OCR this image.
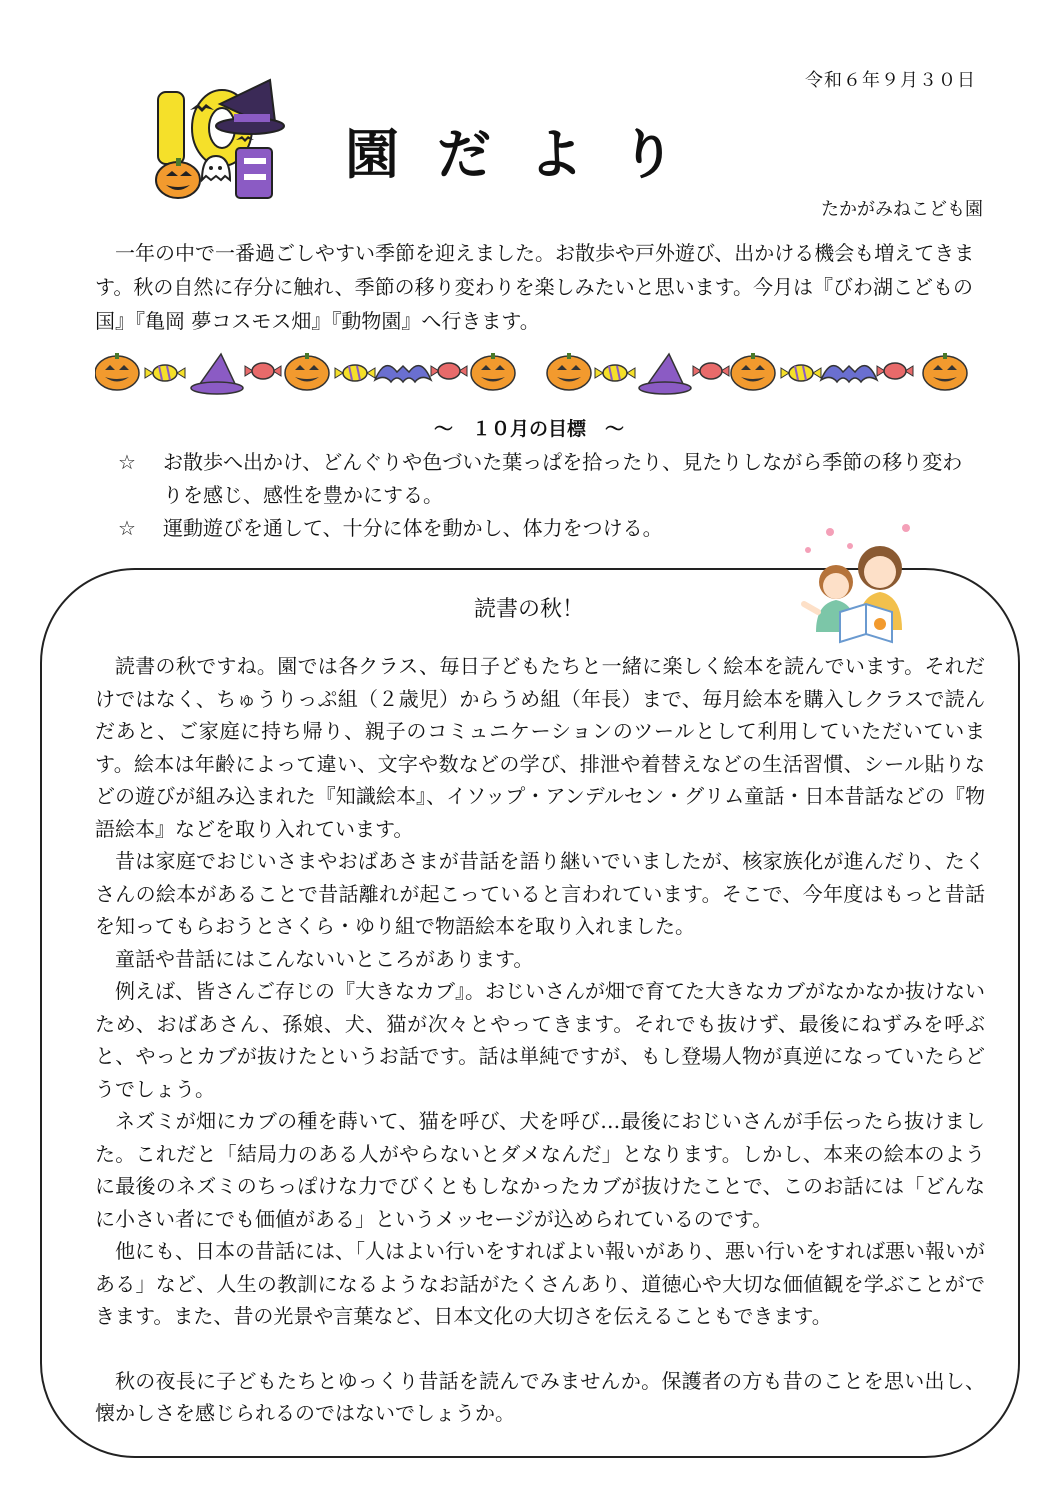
令和６年９月３０日
園だより
たかがみねこども園

一年の中で一番過ごしやすい季節を迎えました。お散歩や戸外遊び、出かける機会も増えてきます。秋の自然に存分に触れ、季節の移り変わりを楽しみたいと思います。今月は『びわ湖こどもの国』『亀岡 夢コスモス畑』『動物園』へ行きます。

～　１０月の目標　～
☆	お散歩へ出かけ、どんぐりや色づいた葉っぱを拾ったり、見たりしながら季節の移り変わりを感じ、感性を豊かにする。
☆	運動遊びを通して、十分に体を動かし、体力をつける。
読書の秋！

読書の秋ですね。園では各クラス、毎日子どもたちと一緒に楽しく絵本を読んでいます。それだけではなく、ちゅうりっぷ組（２歳児）からうめ組（年長）まで、毎月絵本を購入しクラスで読んだあと、ご家庭に持ち帰り、親子のコミュニケーションのツールとして利用していただいています。絵本は年齢によって違い、文字や数などの学び、排泄や着替えなどの生活習慣、シール貼りなどの遊びが組み込まれた『知識絵本』、イソップ・アンデルセン・グリム童話・日本昔話などの『物語絵本』などを取り入れています。

昔は家庭でおじいさまやおばあさまが昔話を語り継いでいましたが、核家族化が進んだり、たくさんの絵本があることで昔話離れが起こっていると言われています。そこで、今年度はもっと昔話を知ってもらおうとさくら・ゆり組で物語絵本を取り入れました。

童話や昔話にはこんないいところがあります。

例えば、皆さんご存じの『大きなカブ』。おじいさんが畑で育てた大きなカブがなかなか抜けないため、おばあさん、孫娘、犬、猫が次々とやってきます。それでも抜けず、最後にねずみを呼ぶと、やっとカブが抜けたというお話です。話は単純ですが、もし登場人物が真逆になっていたらどうでしょう。

ネズミが畑にカブの種を蒔いて、猫を呼び、犬を呼び…最後におじいさんが手伝ったら抜けました。これだと「結局力のある人がやらないとダメなんだ」となります。しかし、本来の絵本のように最後のネズミのちっぽけな力でびくともしなかったカブが抜けたことで、このお話には「どんなに小さい者にでも価値がある」というメッセージが込められているのです。

他にも、日本の昔話には、「人はよい行いをすればよい報いがあり、悪い行いをすれば悪い報いがある」など、人生の教訓になるようなお話がたくさんあり、道徳心や大切な価値観を学ぶことができます。また、昔の光景や言葉など、日本文化の大切さを伝えることもできます。

秋の夜長に子どもたちとゆっくり昔話を読んでみませんか。保護者の方も昔のことを思い出し、懐かしさを感じられるのではないでしょうか。
